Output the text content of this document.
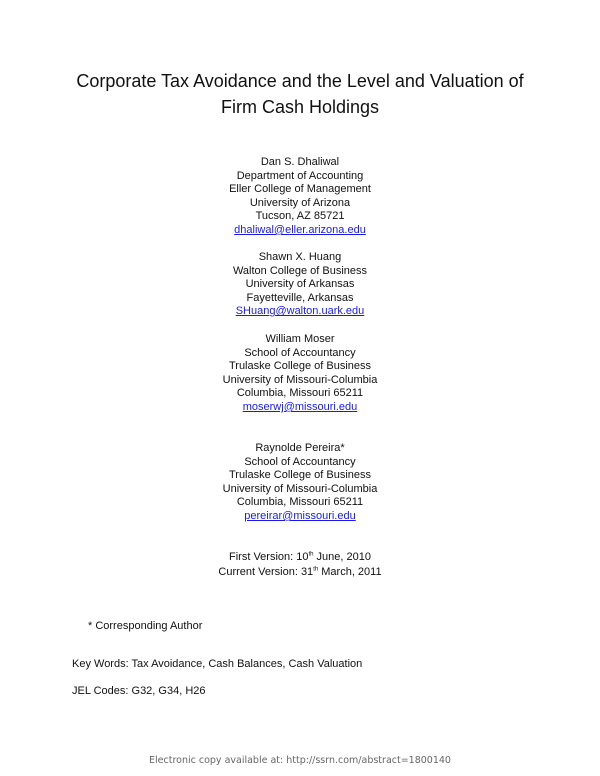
Corporate Tax Avoidance and the Level and Valuation of
Firm Cash Holdings
Dan S. Dhaliwal
Department of Accounting
Eller College of Management
University of Arizona
Tucson, AZ 85721
dhaliwal@eller.arizona.edu
Shawn X. Huang
Walton College of Business
University of Arkansas
Fayetteville, Arkansas
SHuang@walton.uark.edu
William Moser
School of Accountancy
Trulaske College of Business
University of Missouri-Columbia
Columbia, Missouri 65211
moserwj@missouri.edu
Raynolde Pereira*
School of Accountancy
Trulaske College of Business
University of Missouri-Columbia
Columbia, Missouri 65211
pereirar@missouri.edu
First Version: 10th June, 2010
Current Version: 31th March, 2011
* Corresponding Author
Key Words: Tax Avoidance, Cash Balances, Cash Valuation
JEL Codes: G32, G34, H26
Electronic copy available at: http://ssrn.com/abstract=1800140
